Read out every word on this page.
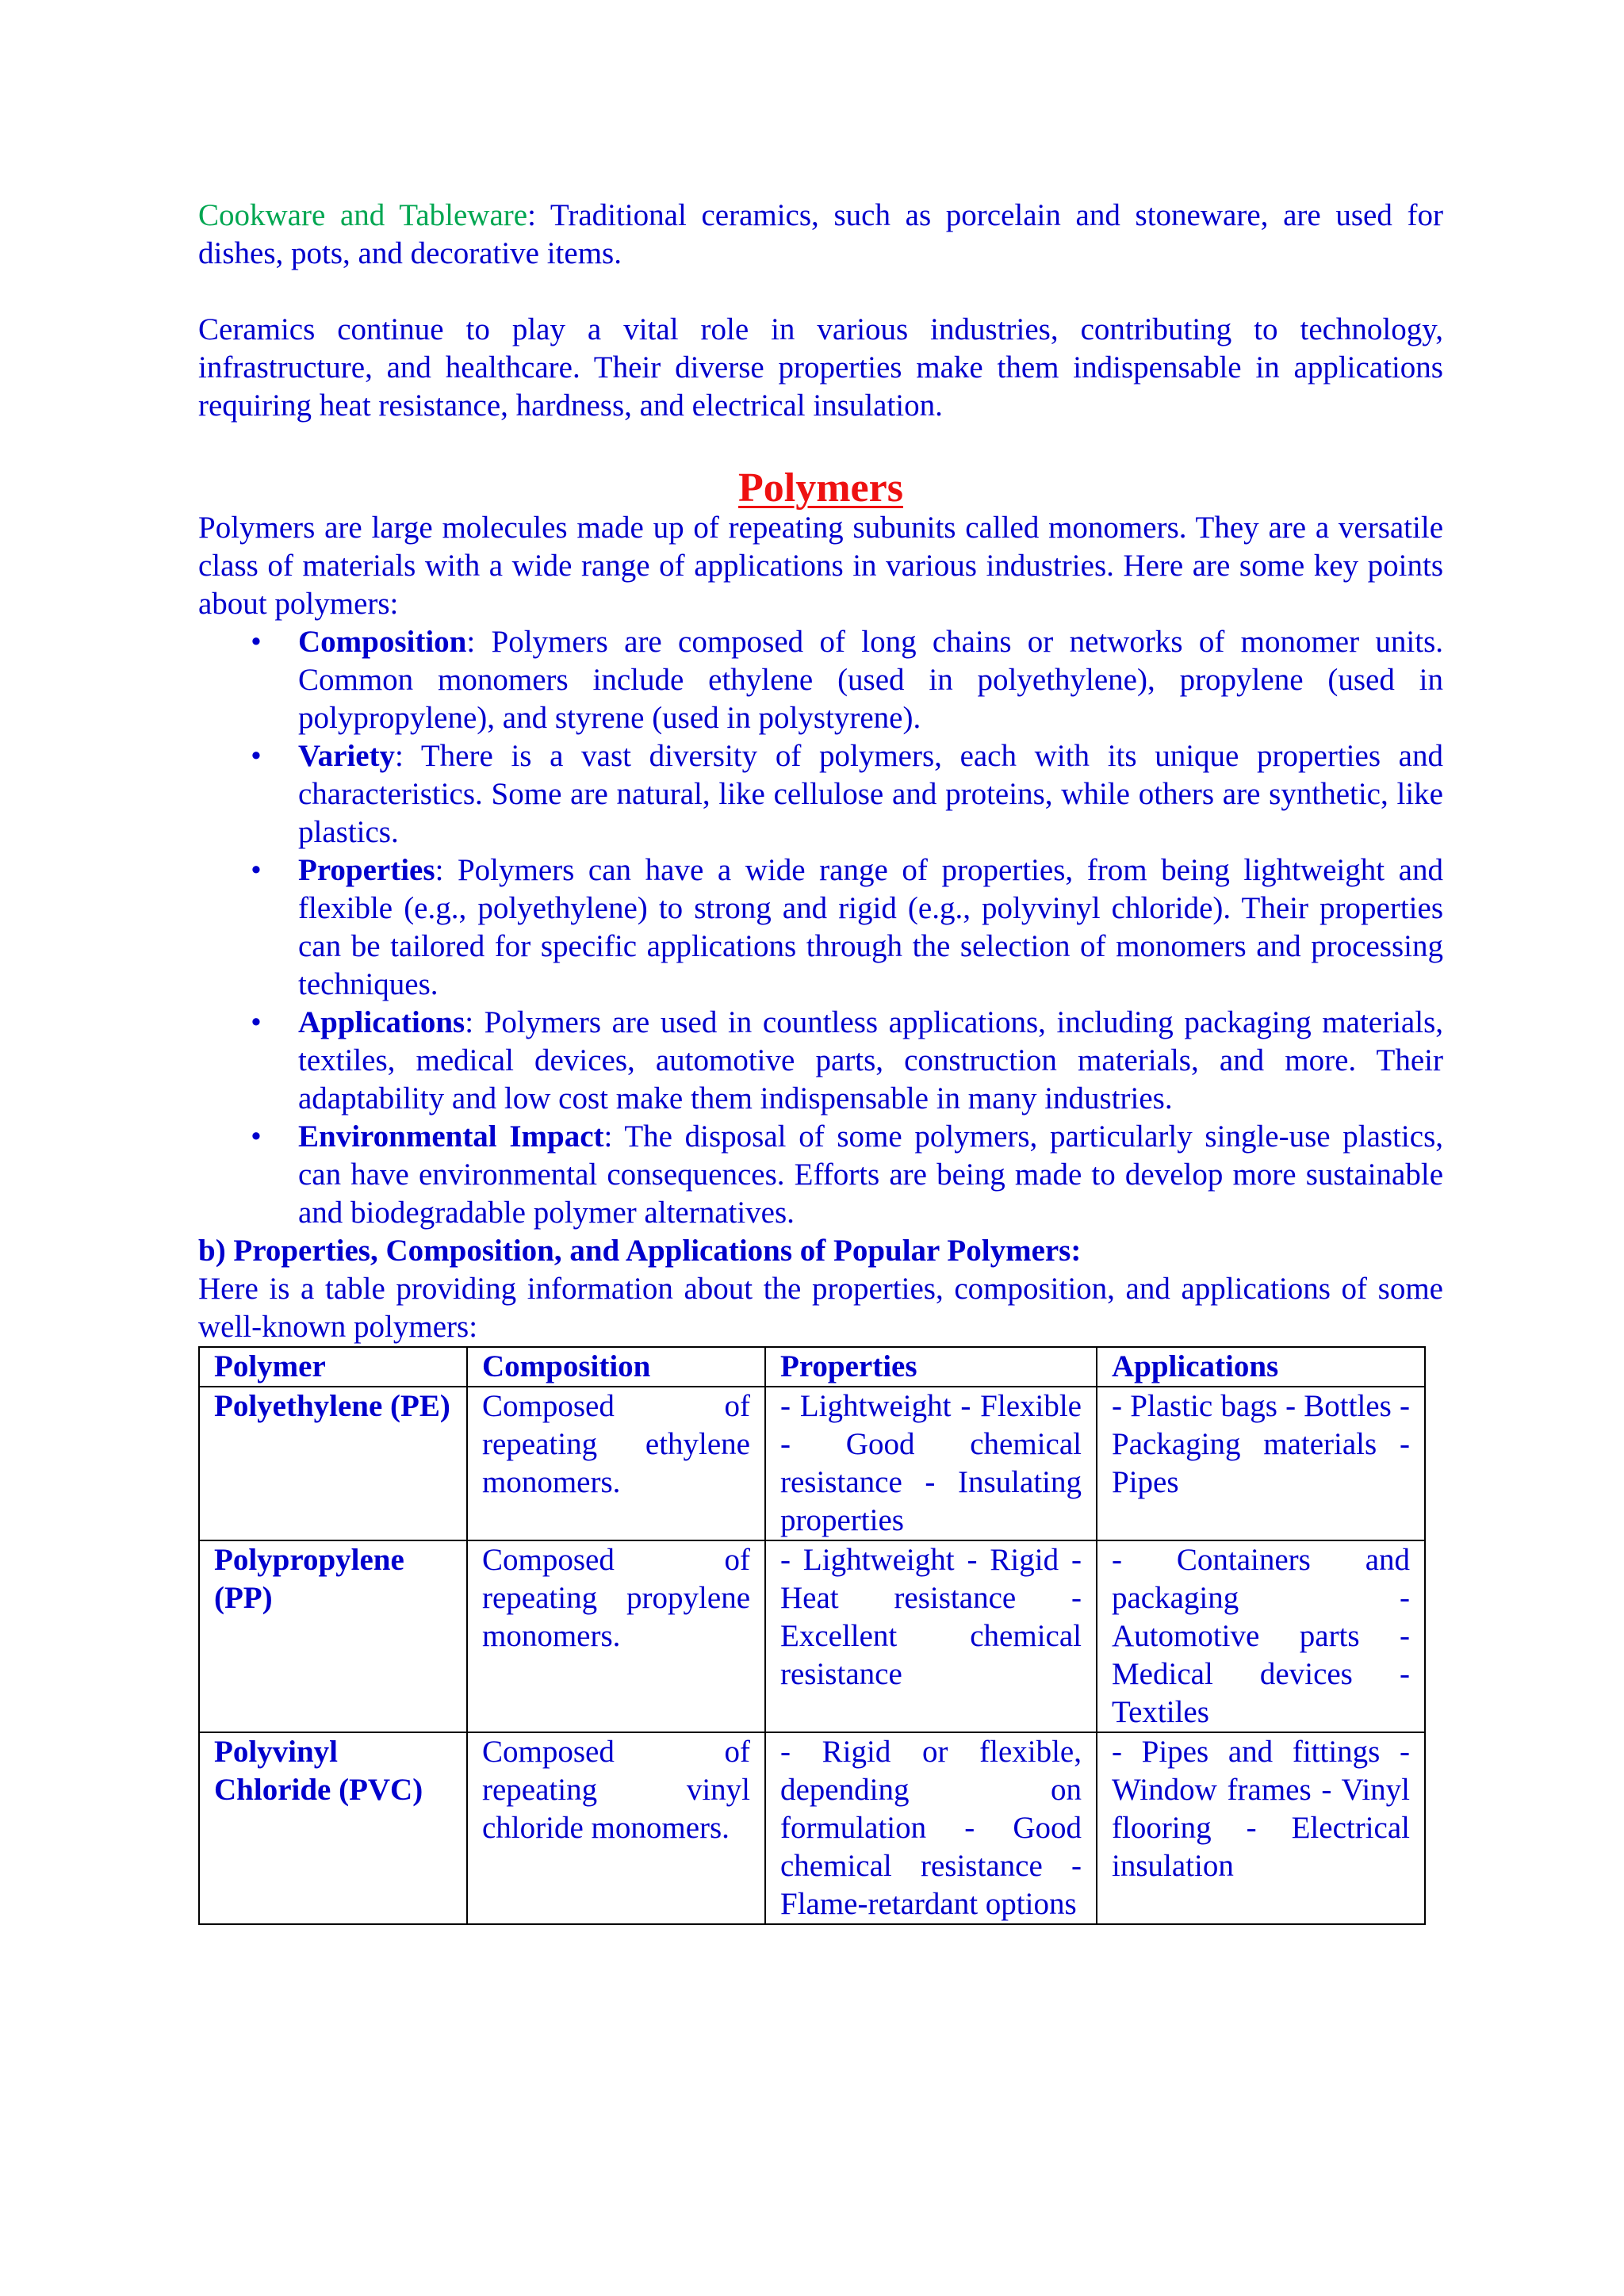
Cookware and Tableware: Traditional ceramics, such as porcelain and stoneware, are used for dishes, pots, and decorative items.

Ceramics continue to play a vital role in various industries, contributing to technology, infrastructure, and healthcare. Their diverse properties make them indispensable in applications requiring heat resistance, hardness, and electrical insulation.

Polymers

Polymers are large molecules made up of repeating subunits called monomers. They are a versatile class of materials with a wide range of applications in various industries. Here are some key points about polymers:

• Composition: Polymers are composed of long chains or networks of monomer units. Common monomers include ethylene (used in polyethylene), propylene (used in polypropylene), and styrene (used in polystyrene).
• Variety: There is a vast diversity of polymers, each with its unique properties and characteristics. Some are natural, like cellulose and proteins, while others are synthetic, like plastics.
• Properties: Polymers can have a wide range of properties, from being lightweight and flexible (e.g., polyethylene) to strong and rigid (e.g., polyvinyl chloride). Their properties can be tailored for specific applications through the selection of monomers and processing techniques.
• Applications: Polymers are used in countless applications, including packaging materials, textiles, medical devices, automotive parts, construction materials, and more. Their adaptability and low cost make them indispensable in many industries.
• Environmental Impact: The disposal of some polymers, particularly single-use plastics, can have environmental consequences. Efforts are being made to develop more sustainable and biodegradable polymer alternatives.
b) Properties, Composition, and Applications of Popular Polymers:

Here is a table providing information about the properties, composition, and applications of some well-known polymers:

Polymer	Composition	Properties	Applications
Polyethylene (PE)	Composed of repeating ethylene monomers.	- Lightweight - Flexible - Good chemical resistance - Insulating properties	- Plastic bags - Bottles - Packaging materials - Pipes
Polypropylene (PP)	Composed of repeating propylene monomers.	- Lightweight - Rigid - Heat resistance - Excellent chemical resistance	- Containers and packaging - Automotive parts - Medical devices - Textiles
Polyvinyl Chloride (PVC)	Composed of repeating vinyl chloride monomers.	- Rigid or flexible, depending on formulation - Good chemical resistance - Flame-retardant options	- Pipes and fittings - Window frames - Vinyl flooring - Electrical insulation
